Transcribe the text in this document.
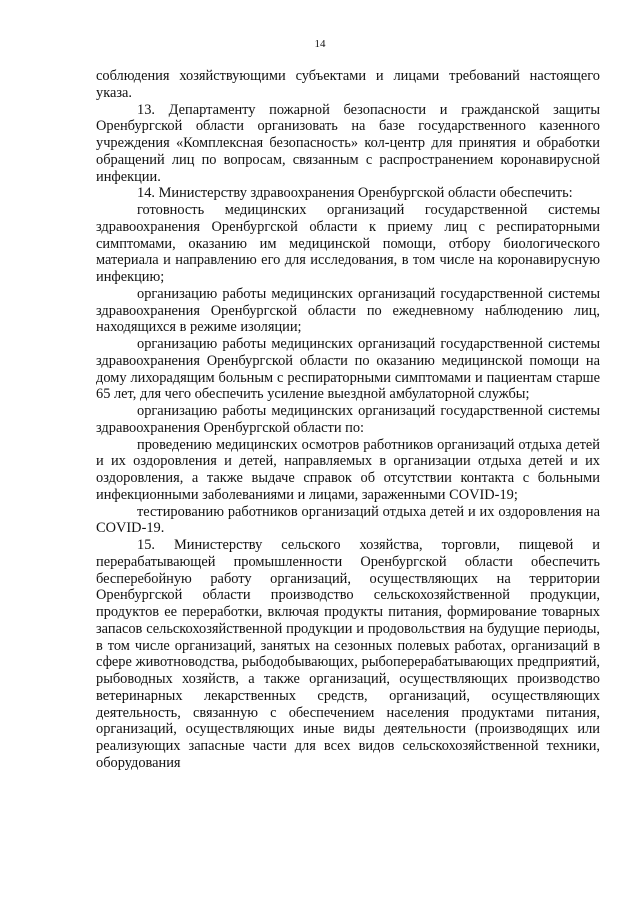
14

соблюдения хозяйствующими субъектами и лицами требований настоящего указа.

13. Департаменту пожарной безопасности и гражданской защиты Оренбургской области организовать на базе государственного казенного учреждения «Комплексная безопасность» кол-центр для принятия и обработки обращений лиц по вопросам, связанным с распространением коронавирусной инфекции.

14. Министерству здравоохранения Оренбургской области обеспечить:

готовность медицинских организаций государственной системы здравоохранения Оренбургской области к приему лиц с респираторными симптомами, оказанию им медицинской помощи, отбору биологического материала и направлению его для исследования, в том числе на коронавирусную инфекцию;

организацию работы медицинских организаций государственной системы здравоохранения Оренбургской области по ежедневному наблюдению лиц, находящихся в режиме изоляции;

организацию работы медицинских организаций государственной системы здравоохранения Оренбургской области по оказанию медицинской помощи на дому лихорадящим больным с респираторными симптомами и пациентам старше 65 лет, для чего обеспечить усиление выездной амбулаторной службы;

организацию работы медицинских организаций государственной системы здравоохранения Оренбургской области по:

проведению медицинских осмотров работников организаций отдыха детей и их оздоровления и детей, направляемых в организации отдыха детей и их оздоровления, а также выдаче справок об отсутствии контакта с больными инфекционными заболеваниями и лицами, зараженными COVID-19;

тестированию работников организаций отдыха детей и их оздоровления на COVID-19.

15. Министерству сельского хозяйства, торговли, пищевой и перерабатывающей промышленности Оренбургской области обеспечить бесперебойную работу организаций, осуществляющих на территории Оренбургской области производство сельскохозяйственной продукции, продуктов ее переработки, включая продукты питания, формирование товарных запасов сельскохозяйственной продукции и продовольствия на будущие периоды, в том числе организаций, занятых на сезонных полевых работах, организаций в сфере животноводства, рыбодобывающих, рыбоперерабатывающих предприятий, рыбоводных хозяйств, а также организаций, осуществляющих производство ветеринарных лекарственных средств, организаций, осуществляющих деятельность, связанную с обеспечением населения продуктами питания, организаций, осуществляющих иные виды деятельности (производящих или реализующих запасные части для всех видов сельскохозяйственной техники, оборудования
